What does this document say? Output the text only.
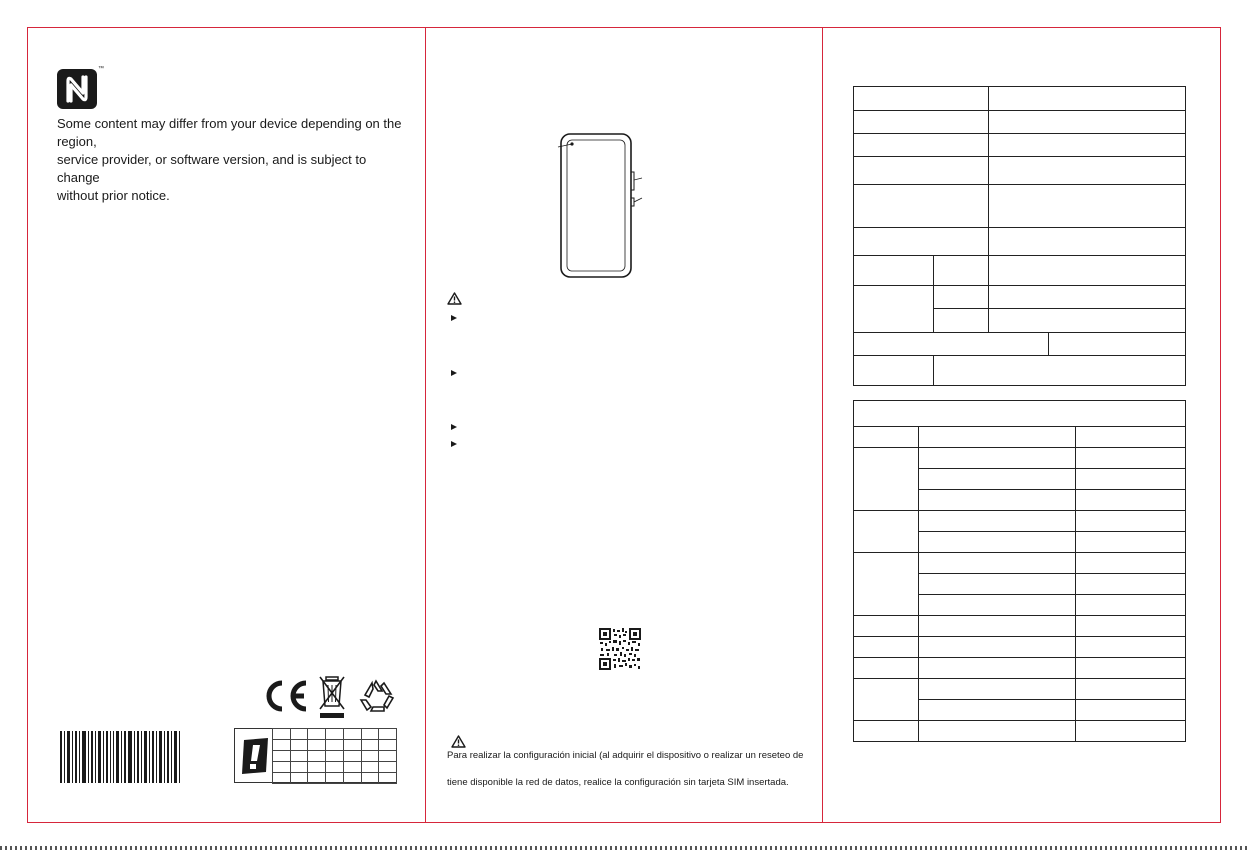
™
Some content may differ from your device depending on the region,
service provider, or software version, and is subject to change
without prior notice.

Para realizar la configuración inicial (al adquirir el dispositivo o realizar un reseteo de
tiene disponible la red de datos, realice la configuración sin tarjeta SIM insertada.
